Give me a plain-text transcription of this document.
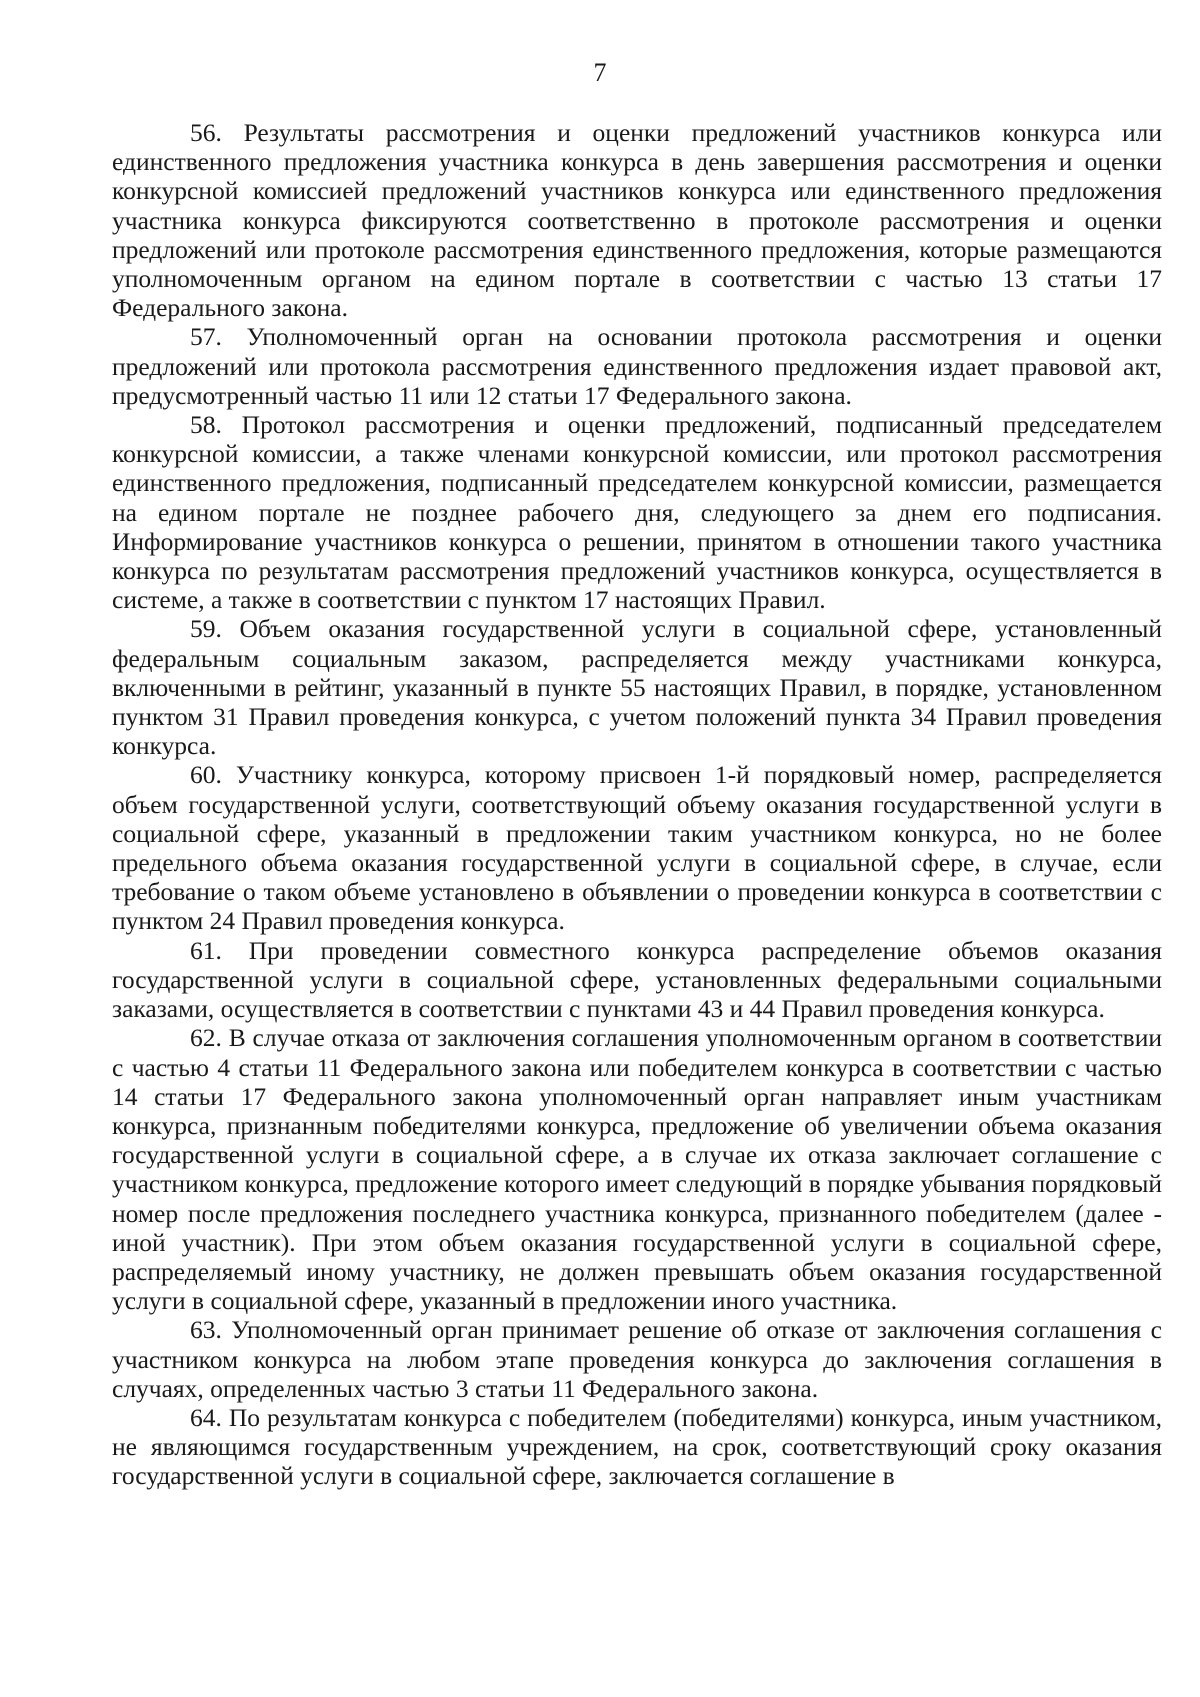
7

56. Результаты рассмотрения и оценки предложений участников конкурса или единственного предложения участника конкурса в день завершения рассмотрения и оценки конкурсной комиссией предложений участников конкурса или единственного предложения участника конкурса фиксируются соответственно в протоколе рассмотрения и оценки предложений или протоколе рассмотрения единственного предложения, которые размещаются уполномоченным органом на едином портале в соответствии с частью 13 статьи 17 Федерального закона.

57. Уполномоченный орган на основании протокола рассмотрения и оценки предложений или протокола рассмотрения единственного предложения издает правовой акт, предусмотренный частью 11 или 12 статьи 17 Федерального закона.

58. Протокол рассмотрения и оценки предложений, подписанный председателем конкурсной комиссии, а также членами конкурсной комиссии, или протокол рассмотрения единственного предложения, подписанный председателем конкурсной комиссии, размещается на едином портале не позднее рабочего дня, следующего за днем его подписания. Информирование участников конкурса о решении, принятом в отношении такого участника конкурса по результатам рассмотрения предложений участников конкурса, осуществляется в системе, а также в соответствии с пунктом 17 настоящих Правил.

59. Объем оказания государственной услуги в социальной сфере, установленный федеральным социальным заказом, распределяется между участниками конкурса, включенными в рейтинг, указанный в пункте 55 настоящих Правил, в порядке, установленном пунктом 31 Правил проведения конкурса, с учетом положений пункта 34 Правил проведения конкурса.

60. Участнику конкурса, которому присвоен 1-й порядковый номер, распределяется объем государственной услуги, соответствующий объему оказания государственной услуги в социальной сфере, указанный в предложении таким участником конкурса, но не более предельного объема оказания государственной услуги в социальной сфере, в случае, если требование о таком объеме установлено в объявлении о проведении конкурса в соответствии с пунктом 24 Правил проведения конкурса.

61. При проведении совместного конкурса распределение объемов оказания государственной услуги в социальной сфере, установленных федеральными социальными заказами, осуществляется в соответствии с пунктами 43 и 44 Правил проведения конкурса.

62. В случае отказа от заключения соглашения уполномоченным органом в соответствии с частью 4 статьи 11 Федерального закона или победителем конкурса в соответствии с частью 14 статьи 17 Федерального закона уполномоченный орган направляет иным участникам конкурса, признанным победителями конкурса, предложение об увеличении объема оказания государственной услуги в социальной сфере, а в случае их отказа заключает соглашение с участником конкурса, предложение которого имеет следующий в порядке убывания порядковый номер после предложения последнего участника конкурса, признанного победителем (далее - иной участник). При этом объем оказания государственной услуги в социальной сфере, распределяемый иному участнику, не должен превышать объем оказания государственной услуги в социальной сфере, указанный в предложении иного участника.

63. Уполномоченный орган принимает решение об отказе от заключения соглашения с участником конкурса на любом этапе проведения конкурса до заключения соглашения в случаях, определенных частью 3 статьи 11 Федерального закона.

64. По результатам конкурса с победителем (победителями) конкурса, иным участником, не являющимся государственным учреждением, на срок, соответствующий сроку оказания государственной услуги в социальной сфере, заключается соглашение в
